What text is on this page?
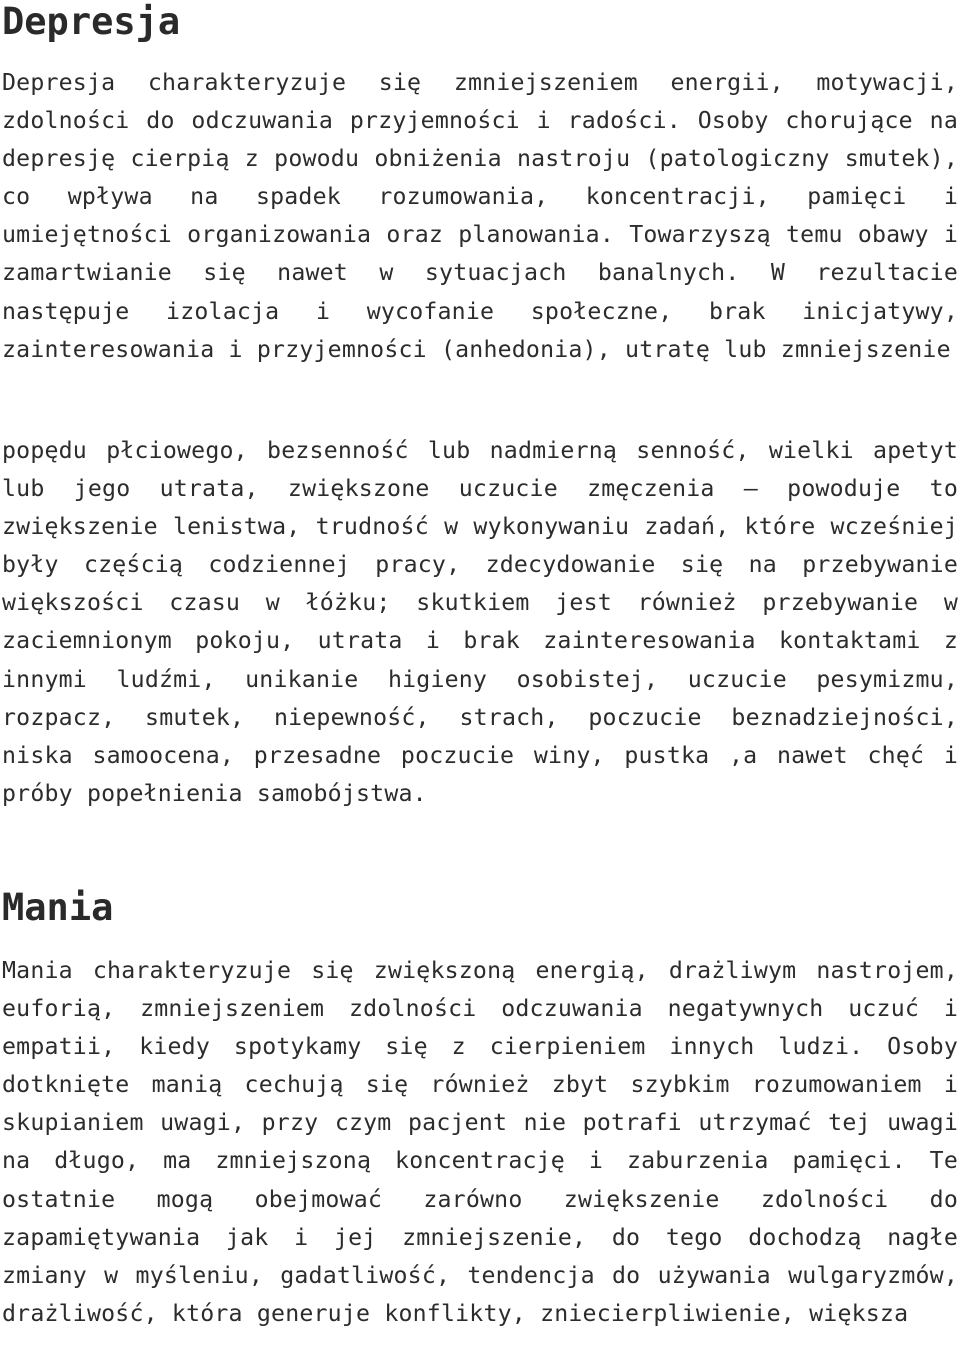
Depresja

Depresja charakteryzuje się zmniejszeniem energii, motywacji, zdolności do odczuwania przyjemności i radości. Osoby chorujące na depresję cierpią z powodu obniżenia nastroju (patologiczny smutek), co wpływa na spadek rozumowania, koncentracji, pamięci i umiejętności organizowania oraz planowania. Towarzyszą temu obawy i zamartwianie się nawet w sytuacjach banalnych. W rezultacie następuje izolacja i wycofanie społeczne, brak inicjatywy, zainteresowania i przyjemności (anhedonia), utratę lub zmniejszenie

popędu płciowego, bezsenność lub nadmierną senność, wielki apetyt lub jego utrata, zwiększone uczucie zmęczenia – powoduje to zwiększenie lenistwa, trudność w wykonywaniu zadań, które wcześniej były częścią codziennej pracy, zdecydowanie się na przebywanie większości czasu w łóżku; skutkiem jest również przebywanie w zaciemnionym pokoju, utrata i brak zainteresowania kontaktami z innymi ludźmi, unikanie higieny osobistej, uczucie pesymizmu, rozpacz, smutek, niepewność, strach, poczucie beznadziejności, niska samoocena, przesadne poczucie winy, pustka ,a nawet chęć i próby popełnienia samobójstwa.

Mania

Mania charakteryzuje się zwiększoną energią, drażliwym nastrojem, euforią, zmniejszeniem zdolności odczuwania negatywnych uczuć i empatii, kiedy spotykamy się z cierpieniem innych ludzi. Osoby dotknięte manią cechują się również zbyt szybkim rozumowaniem i skupianiem uwagi, przy czym pacjent nie potrafi utrzymać tej uwagi na długo, ma zmniejszoną koncentrację i zaburzenia pamięci. Te ostatnie mogą obejmować zarówno zwiększenie zdolności do zapamiętywania jak i jej zmniejszenie, do tego dochodzą nagłe zmiany w myśleniu, gadatliwość, tendencja do używania wulgaryzmów, drażliwość, która generuje konflikty, zniecierpliwienie, większa
